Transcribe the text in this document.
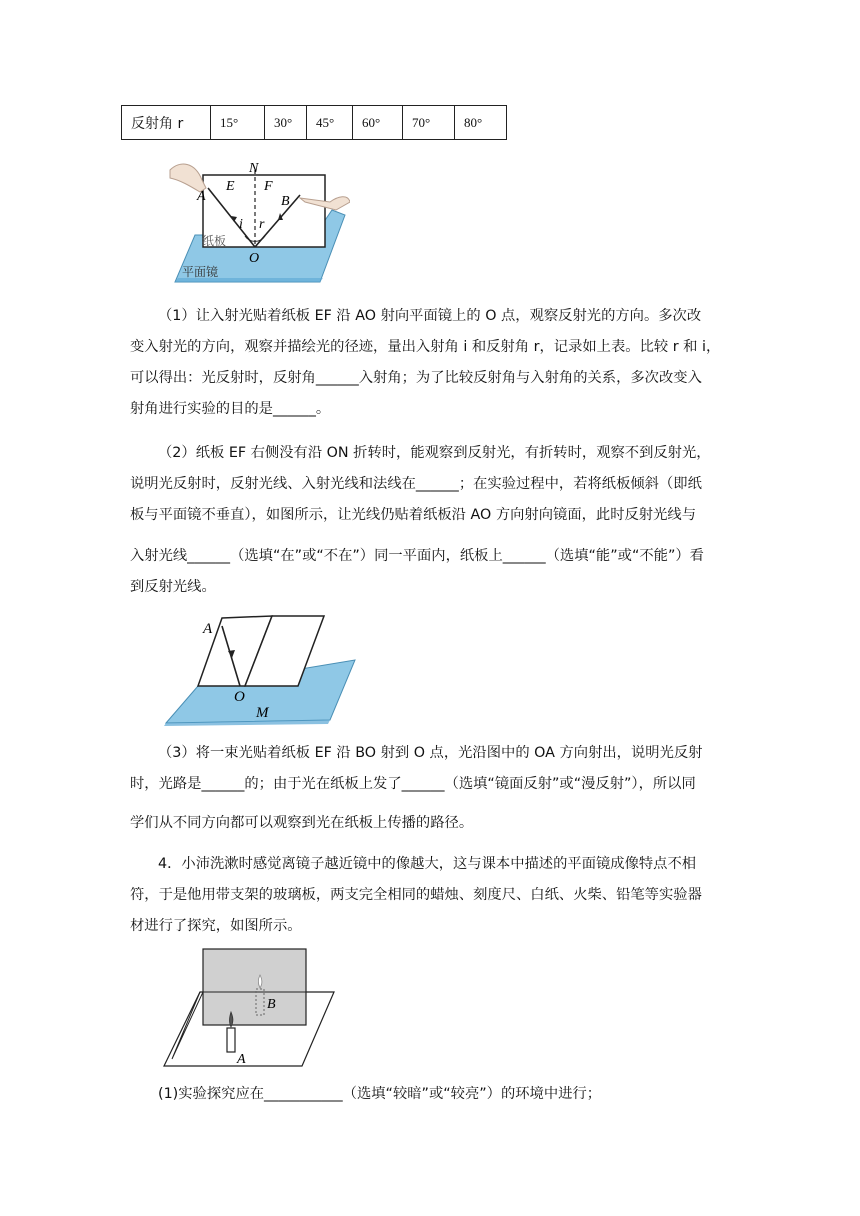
反射角 r	15°	30°	45°	60°	70°	80°
N
E F
A	B
i r
O
纸板
平面镜
（1）让入射光贴着纸板 EF 沿 AO 射向平面镜上的 O 点，观察反射光的方向。多次改
变入射光的方向，观察并描绘光的径迹，量出入射角 i 和反射角 r，记录如上表。比较 r 和 i，
可以得出：光反射时，反射角______入射角；为了比较反射角与入射角的关系，多次改变入
射角进行实验的目的是______。
（2）纸板 EF 右侧没有沿 ON 折转时，能观察到反射光，有折转时，观察不到反射光，
说明光反射时，反射光线、入射光线和法线在______；在实验过程中，若将纸板倾斜（即纸
板与平面镜不垂直），如图所示，让光线仍贴着纸板沿 AO 方向射向镜面，此时反射光线与
入射光线______（选填“在”或“不在”）同一平面内，纸板上______（选填“能”或“不能”）看
到反射光线。
A
O
M
（3）将一束光贴着纸板 EF 沿 BO 射到 O 点，光沿图中的 OA 方向射出，说明光反射
时，光路是______的；由于光在纸板上发了______（选填“镜面反射”或“漫反射”），所以同
学们从不同方向都可以观察到光在纸板上传播的路径。
4．小沛洗漱时感觉离镜子越近镜中的像越大，这与课本中描述的平面镜成像特点不相
符，于是他用带支架的玻璃板，两支完全相同的蜡烛、刻度尺、白纸、火柴、铅笔等实验器
材进行了探究，如图所示。
B
A
(1)实验探究应在___________（选填“较暗”或“较亮”）的环境中进行；
